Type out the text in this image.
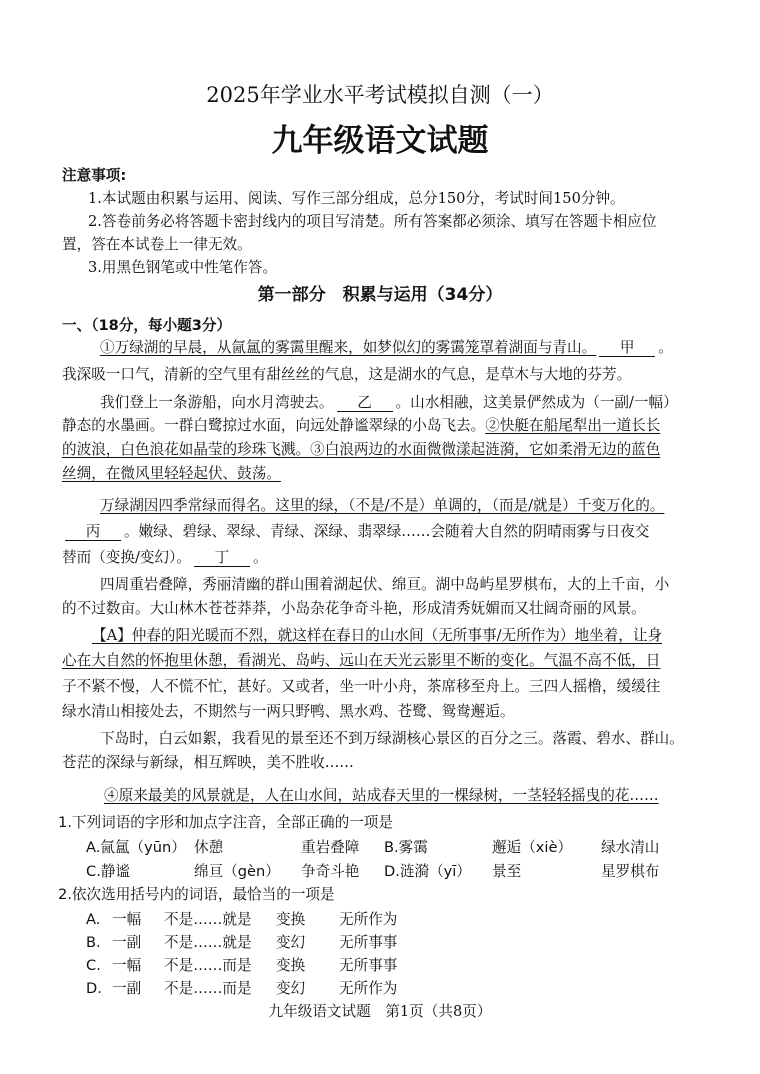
2025年学业水平考试模拟自测（一）
九年级语文试题
注意事项:
1.本试题由积累与运用、阅读、写作三部分组成，总分150分，考试时间150分钟。
2.答卷前务必将答题卡密封线内的项目写清楚。所有答案都必须涂、填写在答题卡相应位
置，答在本试卷上一律无效。
3.用黑色钢笔或中性笔作答。
第一部分　积累与运用（34分）
一、（18分，每小题3分）
①万绿湖的早晨，从氤氲的雾霭里醒来，如梦似幻的雾霭笼罩着湖面与青山。 甲 。
我深吸一口气，清新的空气里有甜丝丝的气息，这是湖水的气息，是草木与大地的芬芳。
我们登上一条游船，向水月湾驶去。 乙 。山水相融，这美景俨然成为（一副/一幅）
静态的水墨画。一群白鹭掠过水面，向远处静谧翠绿的小岛飞去。②快艇在船尾犁出一道长长
的波浪，白色浪花如晶莹的珍珠飞溅。③白浪两边的水面微微漾起涟漪，它如柔滑无边的蓝色
丝绸，在微风里轻轻起伏、鼓荡。
万绿湖因四季常绿而得名。这里的绿，（不是/不是）单调的，（而是/就是）千变万化的。
丙 。嫩绿、碧绿、翠绿、青绿、深绿、翡翠绿……会随着大自然的阴晴雨雾与日夜交
替而（变换/变幻）。 丁 。
四周重岩叠障，秀丽清幽的群山围着湖起伏、绵亘。湖中岛屿星罗棋布，大的上千亩，小
的不过数亩。大山林木苍苍莽莽，小岛杂花争奇斗艳，形成清秀妩媚而又壮阔奇丽的风景。
【A】仲春的阳光暖而不烈，就这样在春日的山水间（无所事事/无所作为）地坐着，让身
心在大自然的怀抱里休憩，看湖光、岛屿、远山在天光云影里不断的变化。气温不高不低，日
子不紧不慢，人不慌不忙，甚好。又或者，坐一叶小舟，茶席移至舟上。三四人摇橹，缓缓往
绿水清山相接处去，不期然与一两只野鸭、黑水鸡、苍鹭、鸳鸯邂逅。
下岛时，白云如絮，我看见的景至还不到万绿湖核心景区的百分之三。落霞、碧水、群山。
苍茫的深绿与新绿，相互辉映，美不胜收……
④原来最美的风景就是，人在山水间，站成春天里的一棵绿树，一茎轻轻摇曳的花……
1.下列词语的字形和加点字注音，全部正确的一项是
A.氤氲（yūn） 休憩	重岩叠障 B.雾霭	邂逅（xiè） 绿水清山
C.静谧	绵亘（gèn） 争奇斗艳 D.涟漪（yī） 景至	星罗棋布
2.依次选用括号内的词语，最恰当的一项是
A. 一幅 不是……就是 变换 无所作为
B. 一副 不是……就是 变幻 无所事事
C. 一幅 不是……而是 变换 无所事事
D. 一副 不是……而是 变幻 无所作为
九年级语文试题　第1页（共8页）
